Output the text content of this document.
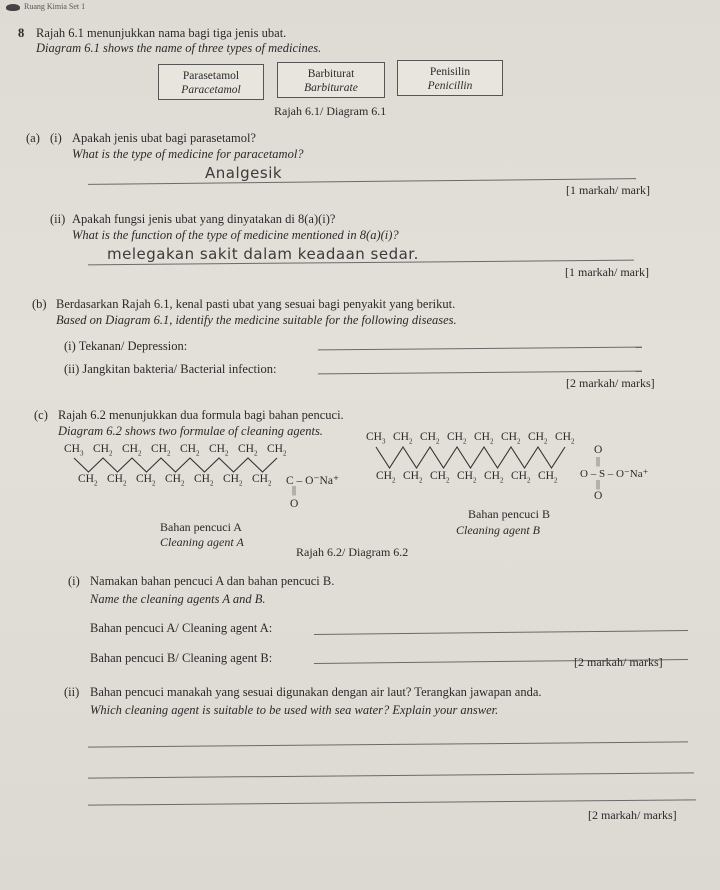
Ruang Kimia Set 1
8 Rajah 6.1 menunjukkan nama bagi tiga jenis ubat.
Diagram 6.1 shows the name of three types of medicines.
Parasetamol
Paracetamol
Barbiturat
Barbiturate
Penisilin
Penicillin
Rajah 6.1/ Diagram 6.1
(a) (i) Apakah jenis ubat bagi parasetamol?
What is the type of medicine for paracetamol?
Analgesik
[1 markah/ mark]
(ii) Apakah fungsi jenis ubat yang dinyatakan di 8(a)(i)?
What is the function of the type of medicine mentioned in 8(a)(i)?
melegakan sakit dalam keadaan sedar.
[1 markah/ mark]
(b) Berdasarkan Rajah 6.1, kenal pasti ubat yang sesuai bagi penyakit yang berikut.
Based on Diagram 6.1, identify the medicine suitable for the following diseases.
(i) Tekanan/ Depression:
(ii) Jangkitan bakteria/ Bacterial infection:
[2 markah/ marks]
(c) Rajah 6.2 menunjukkan dua formula bagi bahan pencuci.
Diagram 6.2 shows two formulae of cleaning agents.
$CH_3$ $CH_2$ $CH_2$ $CH_2$ $CH_2$ $CH_2$ $CH_2$ $CH_2$
$CH_2$ $CH_2$ $CH_2$ $CH_2$ $CH_2$ $CH_2$ $CH_2$ C – O⁻Na⁺
||
O
$CH_3$ $CH_2$ $CH_2$ $CH_2$ $CH_2$ $CH_2$ $CH_2$ $CH_2$
$CH_2$ $CH_2$ $CH_2$ $CH_2$ $CH_2$ $CH_2$ $CH_2$
O
||
O – S – O⁻Na⁺
||
O
Bahan pencuci A
Cleaning agent A
Bahan pencuci B
Cleaning agent B
Rajah 6.2/ Diagram 6.2
(i) Namakan bahan pencuci A dan bahan pencuci B.
Name the cleaning agents A and B.
Bahan pencuci A/ Cleaning agent A:
Bahan pencuci B/ Cleaning agent B:	[2 markah/ marks]
(ii) Bahan pencuci manakah yang sesuai digunakan dengan air laut? Terangkan jawapan anda.
Which cleaning agent is suitable to be used with sea water? Explain your answer.
[2 markah/ marks]
